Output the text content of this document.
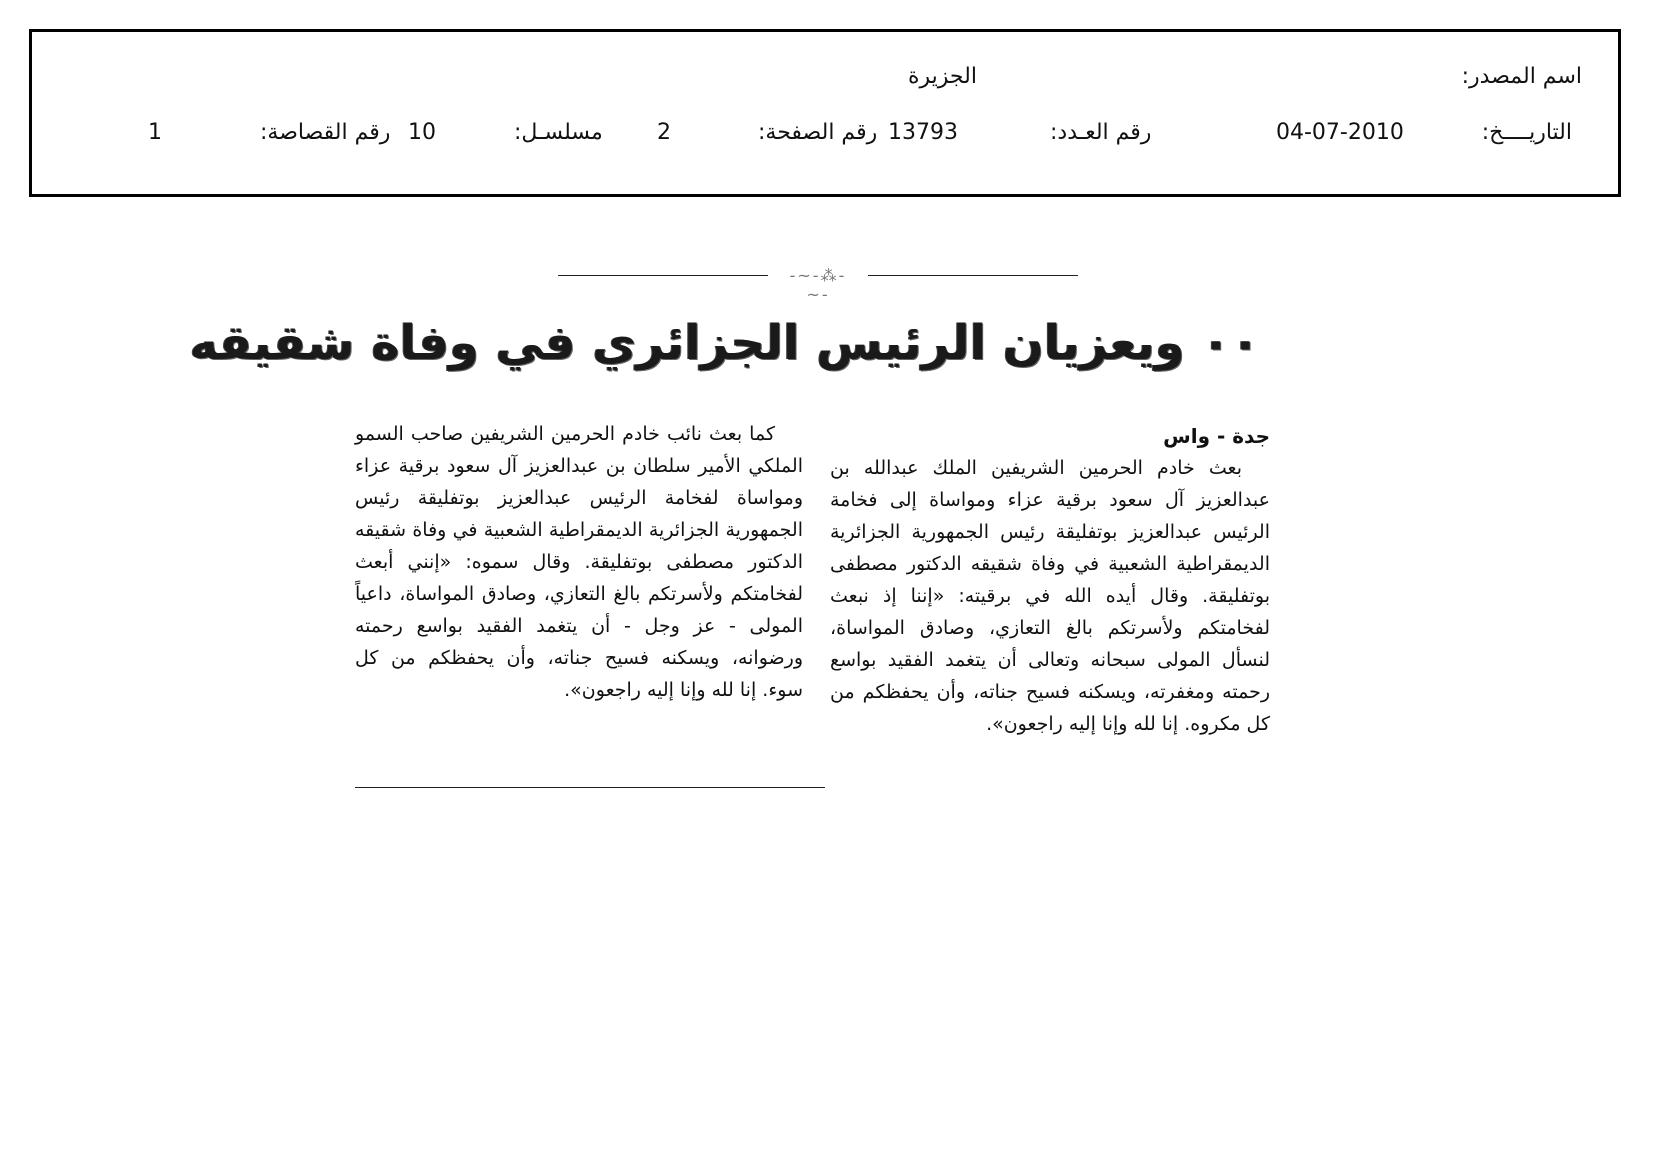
اسم المصدر:
الجزيرة
التاريــــخ:
04-07-2010
رقم العـدد:
13793
رقم الصفحة:
2
مسلسـل:
10
رقم القصاصة:
1
-~-⁂-~-
٠٠ ويعزيان الرئيس الجزائري في وفاة شقيقه
جدة - واس
بعث خادم الحرمين الشريفين الملك عبدالله بن عبدالعزيز آل سعود برقية عزاء ومواساة إلى فخامة الرئيس عبدالعزيز بوتفليقة رئيس الجمهورية الجزائرية الديمقراطية الشعبية في وفاة شقيقه الدكتور مصطفى بوتفليقة. وقال أيده الله في برقيته: «إننا إذ نبعث لفخامتكم ولأسرتكم بالغ التعازي، وصادق المواساة، لنسأل المولى سبحانه وتعالى أن يتغمد الفقيد بواسع رحمته ومغفرته، ويسكنه فسيح جناته، وأن يحفظكم من كل مكروه. إنا لله وإنا إليه راجعون».
كما بعث نائب خادم الحرمين الشريفين صاحب السمو الملكي الأمير سلطان بن عبدالعزيز آل سعود برقية عزاء ومواساة لفخامة الرئيس عبدالعزيز بوتفليقة رئيس الجمهورية الجزائرية الديمقراطية الشعبية في وفاة شقيقه الدكتور مصطفى بوتفليقة. وقال سموه: «إنني أبعث لفخامتكم ولأسرتكم بالغ التعازي، وصادق المواساة، داعياً المولى - عز وجل - أن يتغمد الفقيد بواسع رحمته ورضوانه، ويسكنه فسيح جناته، وأن يحفظكم من كل سوء. إنا لله وإنا إليه راجعون».
